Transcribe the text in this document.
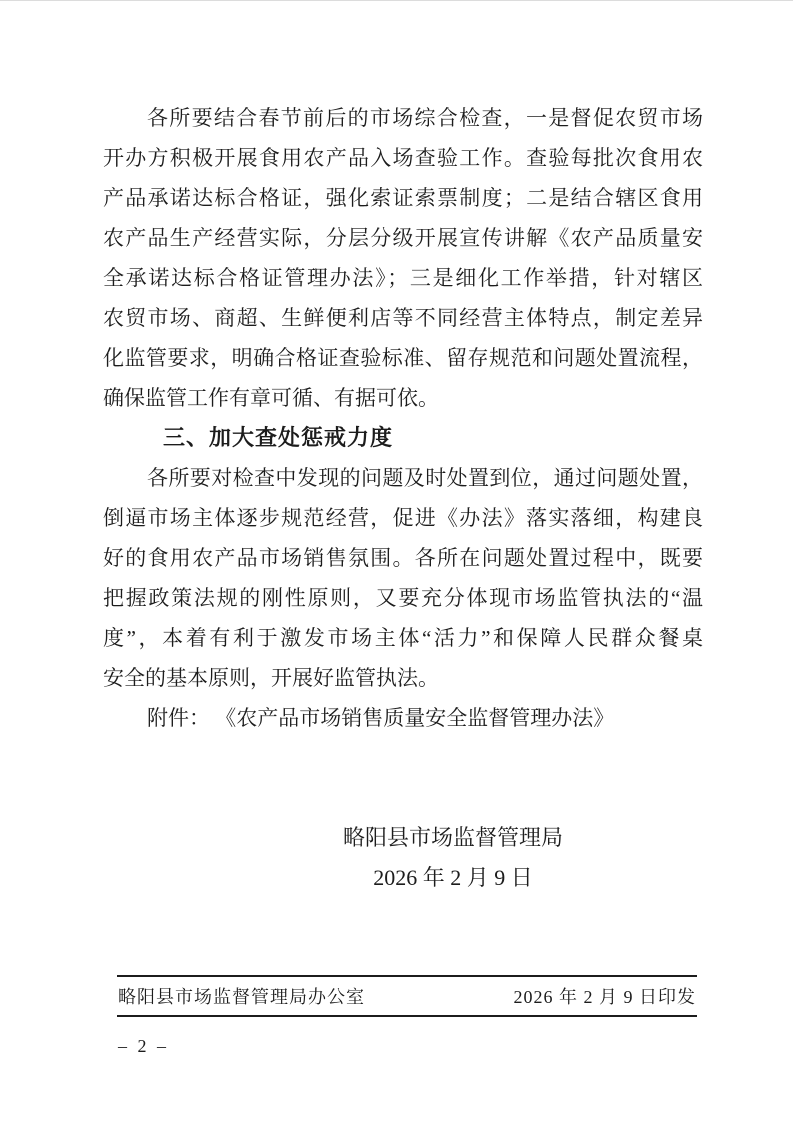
各所要结合春节前后的市场综合检查，一是督促农贸市场
开办方积极开展食用农产品入场查验工作。查验每批次食用农
产品承诺达标合格证，强化索证索票制度；二是结合辖区食用
农产品生产经营实际，分层分级开展宣传讲解《农产品质量安
全承诺达标合格证管理办法》；三是细化工作举措，针对辖区
农贸市场、商超、生鲜便利店等不同经营主体特点，制定差异
化监管要求，明确合格证查验标准、留存规范和问题处置流程，
确保监管工作有章可循、有据可依。
三、加大查处惩戒力度
各所要对检查中发现的问题及时处置到位，通过问题处置，
倒逼市场主体逐步规范经营，促进《办法》落实落细，构建良
好的食用农产品市场销售氛围。各所在问题处置过程中，既要
把握政策法规的刚性原则，又要充分体现市场监管执法的“温
度”，本着有利于激发市场主体“活力”和保障人民群众餐桌
安全的基本原则，开展好监管执法。
附件： 《农产品市场销售质量安全监督管理办法》
略阳县市场监督管理局
2026 年 2 月 9 日
略阳县市场监督管理局办公室	2026 年 2 月 9 日印发
– 2 –
